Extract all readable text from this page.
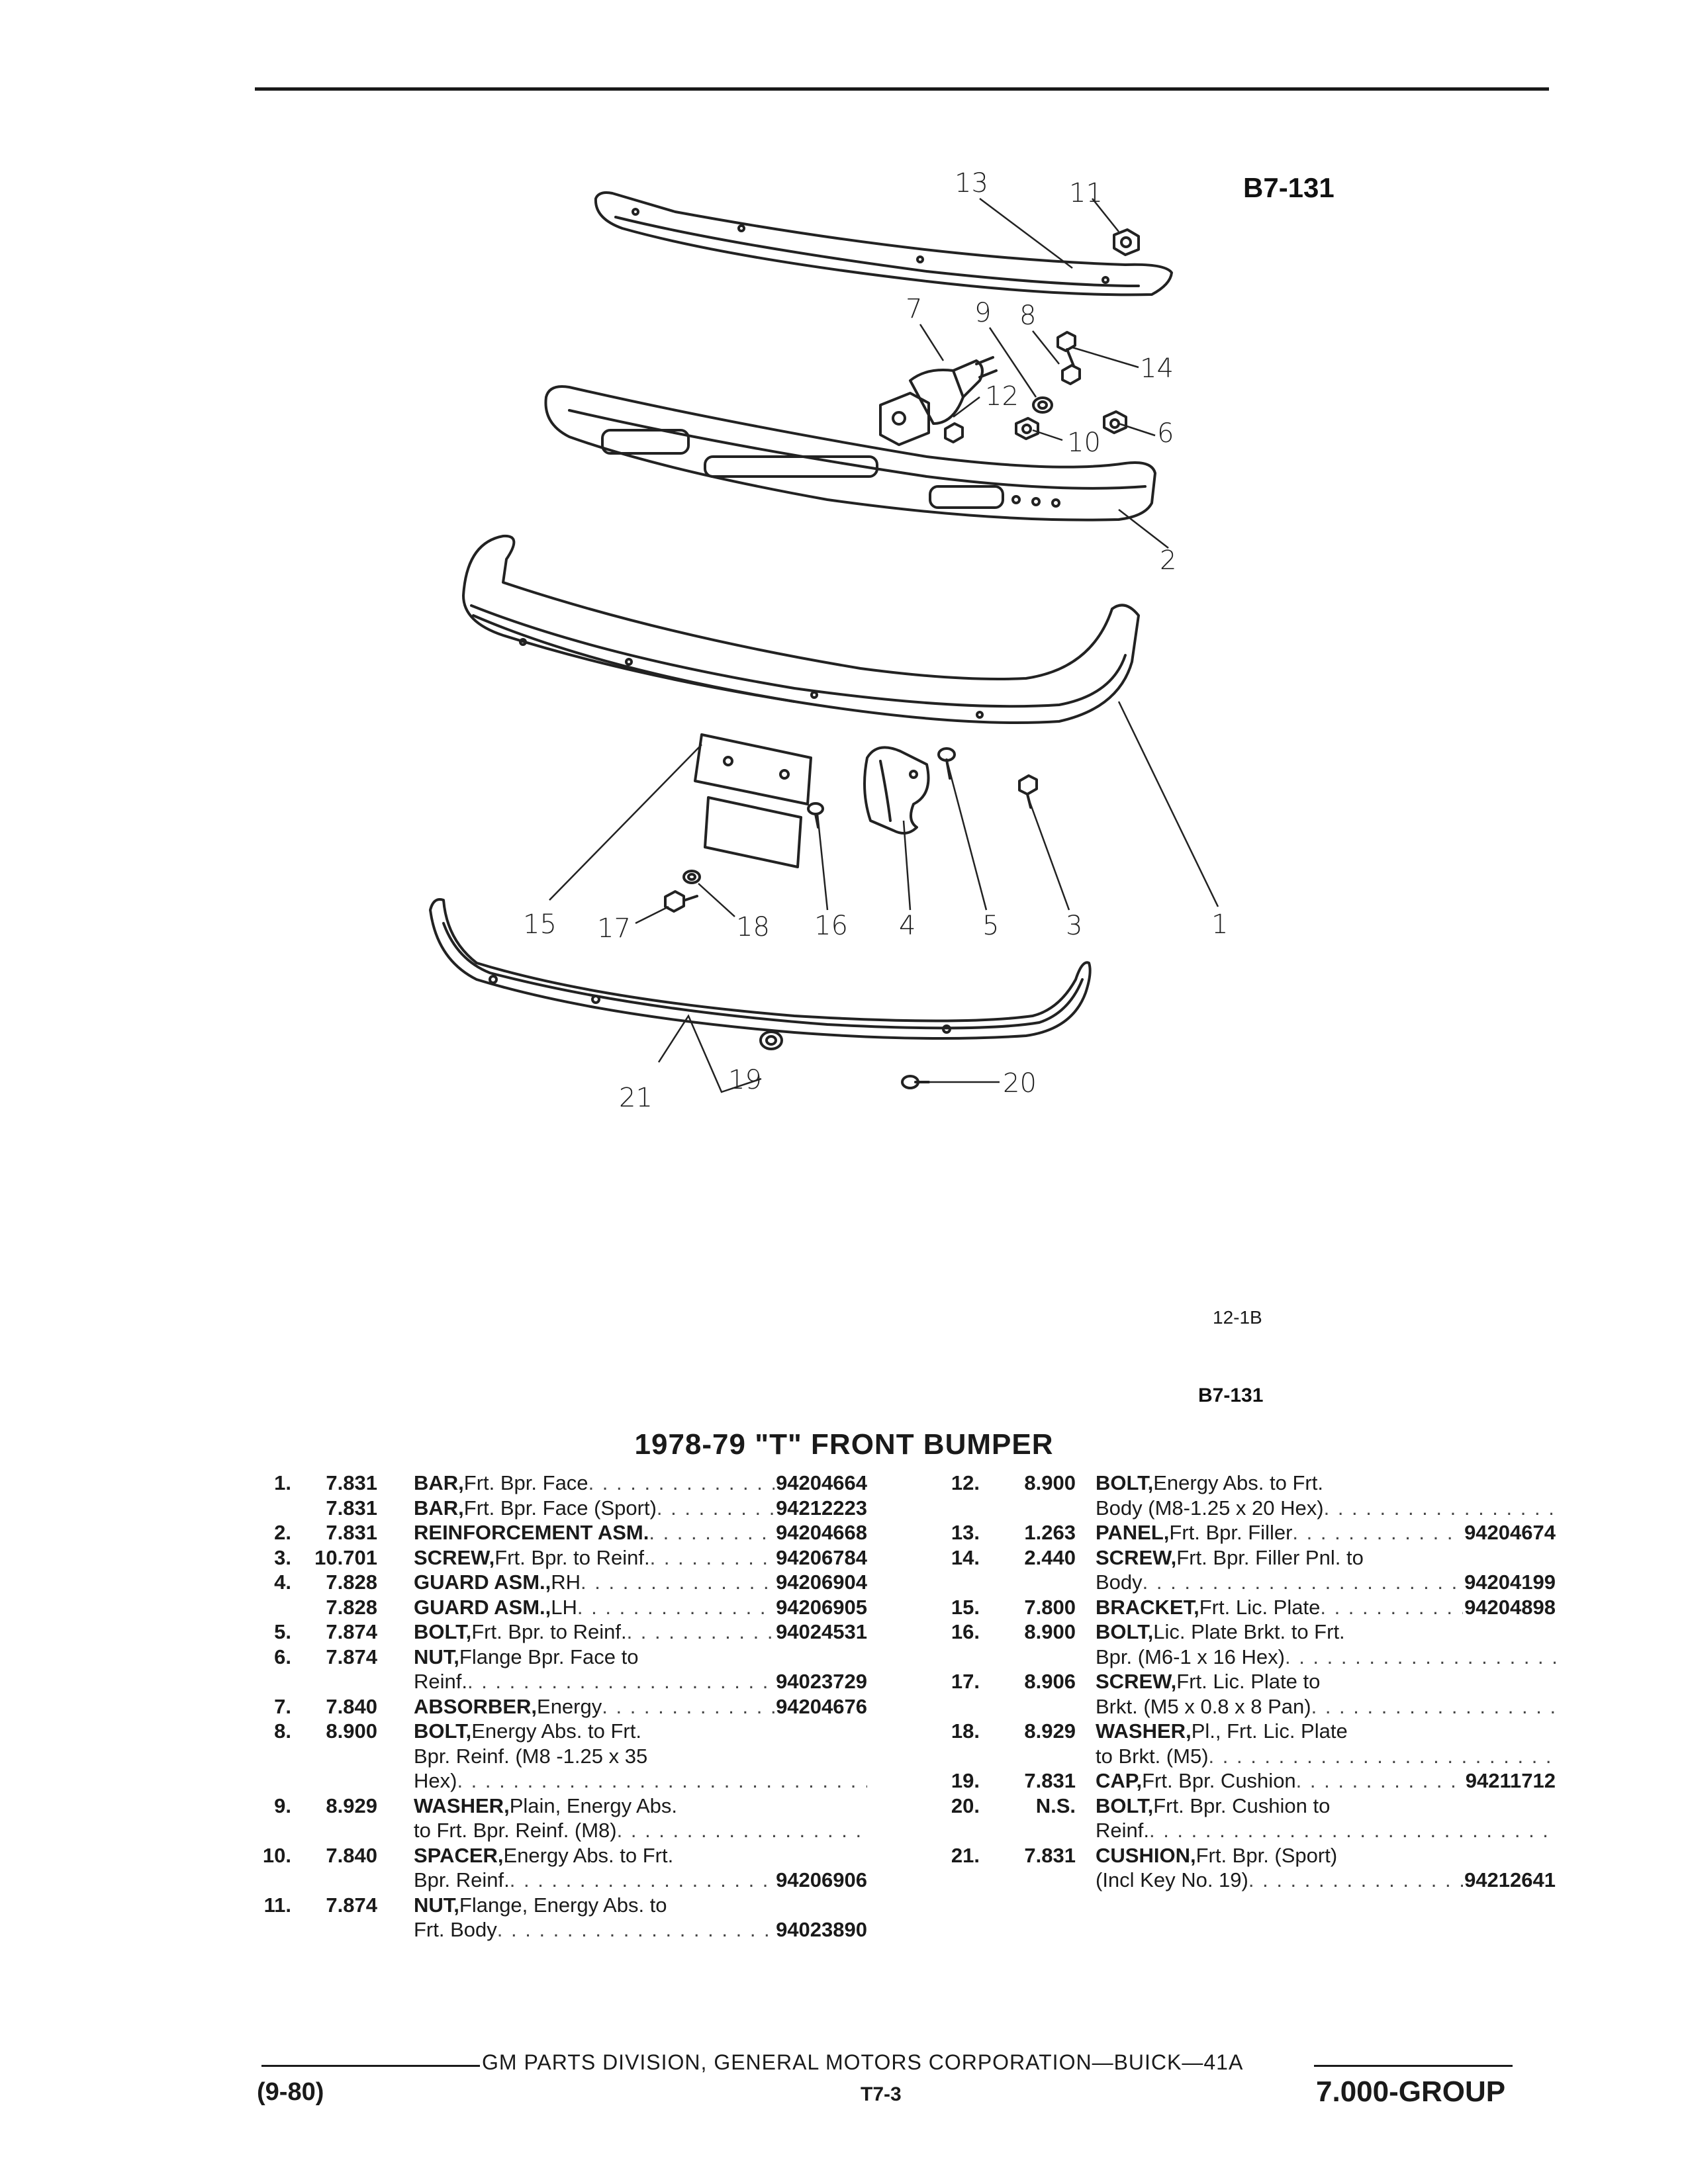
B7-131
1
2
3
4	5
6
7	8
9
10
11
12
13
14
15	16
17	18
19	20
21
12-1B
B7-131
1978-79 "T" FRONT BUMPER
1.	7.831 BAR, Frt. Bpr. Face . . .	94204664
7.831 BAR, Frt. Bpr. Face (Sport) . . .	94212223
2.	7.831 REINFORCEMENT ASM. . . .	94204668
3.	10.701 SCREW, Frt. Bpr. to Reinf. . . .	94206784
4.	7.828 GUARD ASM., RH . . .	94206904
7.828 GUARD ASM., LH . . .	94206905
5.	7.874 BOLT, Frt. Bpr. to Reinf. . . .	94024531
6.	7.874 NUT, Flange Bpr. Face to
Reinf. . . .	94023729
7.	7.840 ABSORBER, Energy . . .	94204676
8.	8.900 BOLT, Energy Abs. to Frt.
Bpr. Reinf. (M8 -1.25 x 35
Hex)
. . .
9.	8.929 WASHER, Plain, Energy Abs.
to Frt. Bpr. Reinf. (M8)
. . .
10.	7.840 SPACER, Energy Abs. to Frt.
Bpr. Reinf. . . .	94206906
11.	7.874 NUT, Flange, Energy Abs. to
Frt. Body . . .	94023890
12.	8.900 BOLT, Energy Abs. to Frt.
Body (M8-1.25 x 20 Hex)
. . .
13.	1.263 PANEL, Frt. Bpr. Filler . . .	94204674
14.	2.440 SCREW, Frt. Bpr. Filler Pnl. to
Body . . .	94204199
15.	7.800 BRACKET, Frt. Lic. Plate . . .	94204898
16.	8.900 BOLT, Lic. Plate Brkt. to Frt.
Bpr. (M6-1 x 16 Hex)
. . .
17.	8.906 SCREW, Frt. Lic. Plate to
Brkt. (M5 x 0.8 x 8 Pan)
. . .
18.	8.929 WASHER, Pl., Frt. Lic. Plate
to Brkt. (M5)
. . .
19.	7.831 CAP, Frt. Bpr. Cushion . . .	94211712
20.	N.S. BOLT, Frt. Bpr. Cushion to
Reinf.
. . .
21.	7.831 CUSHION, Frt. Bpr. (Sport)
(Incl Key No. 19) . . .	94212641
GM PARTS DIVISION, GENERAL MOTORS CORPORATION—BUICK—41A
(9-80)	T7-3	7.000-GROUP
